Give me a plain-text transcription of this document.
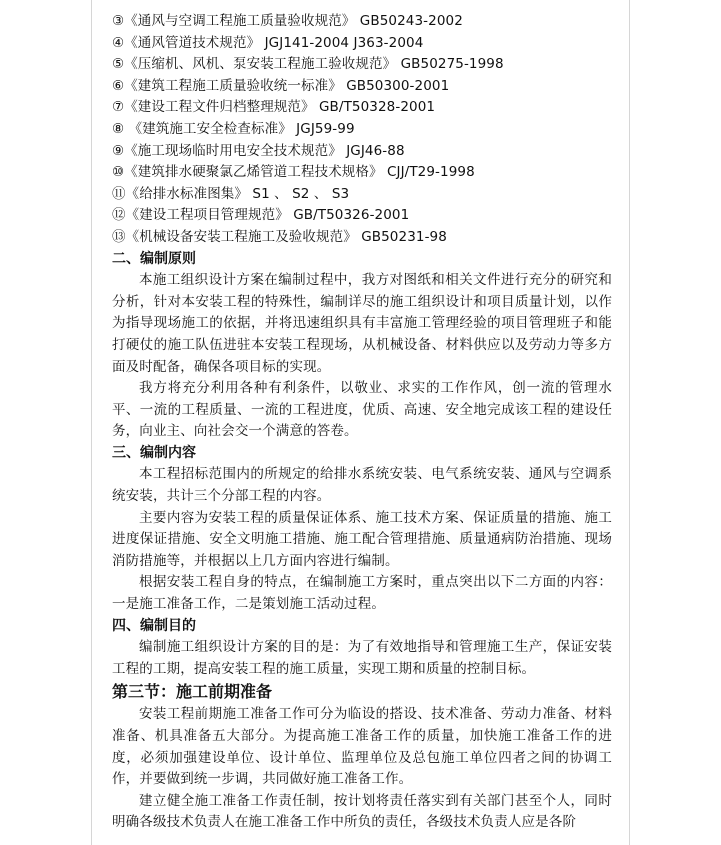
③《通风与空调工程施工质量验收规范》 GB50243-2002
④《通风管道技术规范》 JGJ141-2004 J363-2004
⑤《压缩机、风机、泵安装工程施工验收规范》 GB50275-1998
⑥《建筑工程施工质量验收统一标准》 GB50300-2001
⑦《建设工程文件归档整理规范》 GB/T50328-2001
⑧ 《建筑施工安全检查标准》 JGJ59-99
⑨《施工现场临时用电安全技术规范》 JGJ46-88
⑩《建筑排水硬聚氯乙烯管道工程技术规格》 CJJ/T29-1998
⑪《给排水标准图集》 S1 、 S2 、 S3
⑫《建设工程项目管理规范》 GB/T50326-2001
⑬《机械设备安装工程施工及验收规范》 GB50231-98
二、编制原则
本施工组织设计方案在编制过程中，我方对图纸和相关文件进行充分的研究和分析，针对本安装工程的特殊性，编制详尽的施工组织设计和项目质量计划，以作为指导现场施工的依据，并将迅速组织具有丰富施工管理经验的项目管理班子和能打硬仗的施工队伍进驻本安装工程现场，从机械设备、材料供应以及劳动力等多方面及时配备，确保各项目标的实现。
我方将充分利用各种有利条件，以敬业、求实的工作作风，创一流的管理水平、一流的工程质量、一流的工程进度，优质、高速、安全地完成该工程的建设任务，向业主、向社会交一个满意的答卷。
三、编制内容
本工程招标范围内的所规定的给排水系统安装、电气系统安装、通风与空调系统安装，共计三个分部工程的内容。
主要内容为安装工程的质量保证体系、施工技术方案、保证质量的措施、施工进度保证措施、安全文明施工措施、施工配合管理措施、质量通病防治措施、现场消防措施等，并根据以上几方面内容进行编制。
根据安装工程自身的特点，在编制施工方案时，重点突出以下二方面的内容：一是施工准备工作，二是策划施工活动过程。
四、编制目的
编制施工组织设计方案的目的是：为了有效地指导和管理施工生产，保证安装工程的工期，提高安装工程的施工质量，实现工期和质量的控制目标。
第三节：施工前期准备
安装工程前期施工准备工作可分为临设的搭设、技术准备、劳动力准备、材料准备、机具准备五大部分。为提高施工准备工作的质量，加快施工准备工作的进度，必须加强建设单位、设计单位、监理单位及总包施工单位四者之间的协调工作，并要做到统一步调，共同做好施工准备工作。
建立健全施工准备工作责任制，按计划将责任落实到有关部门甚至个人，同时明确各级技术负责人在施工准备工作中所负的责任，各级技术负责人应是各阶
